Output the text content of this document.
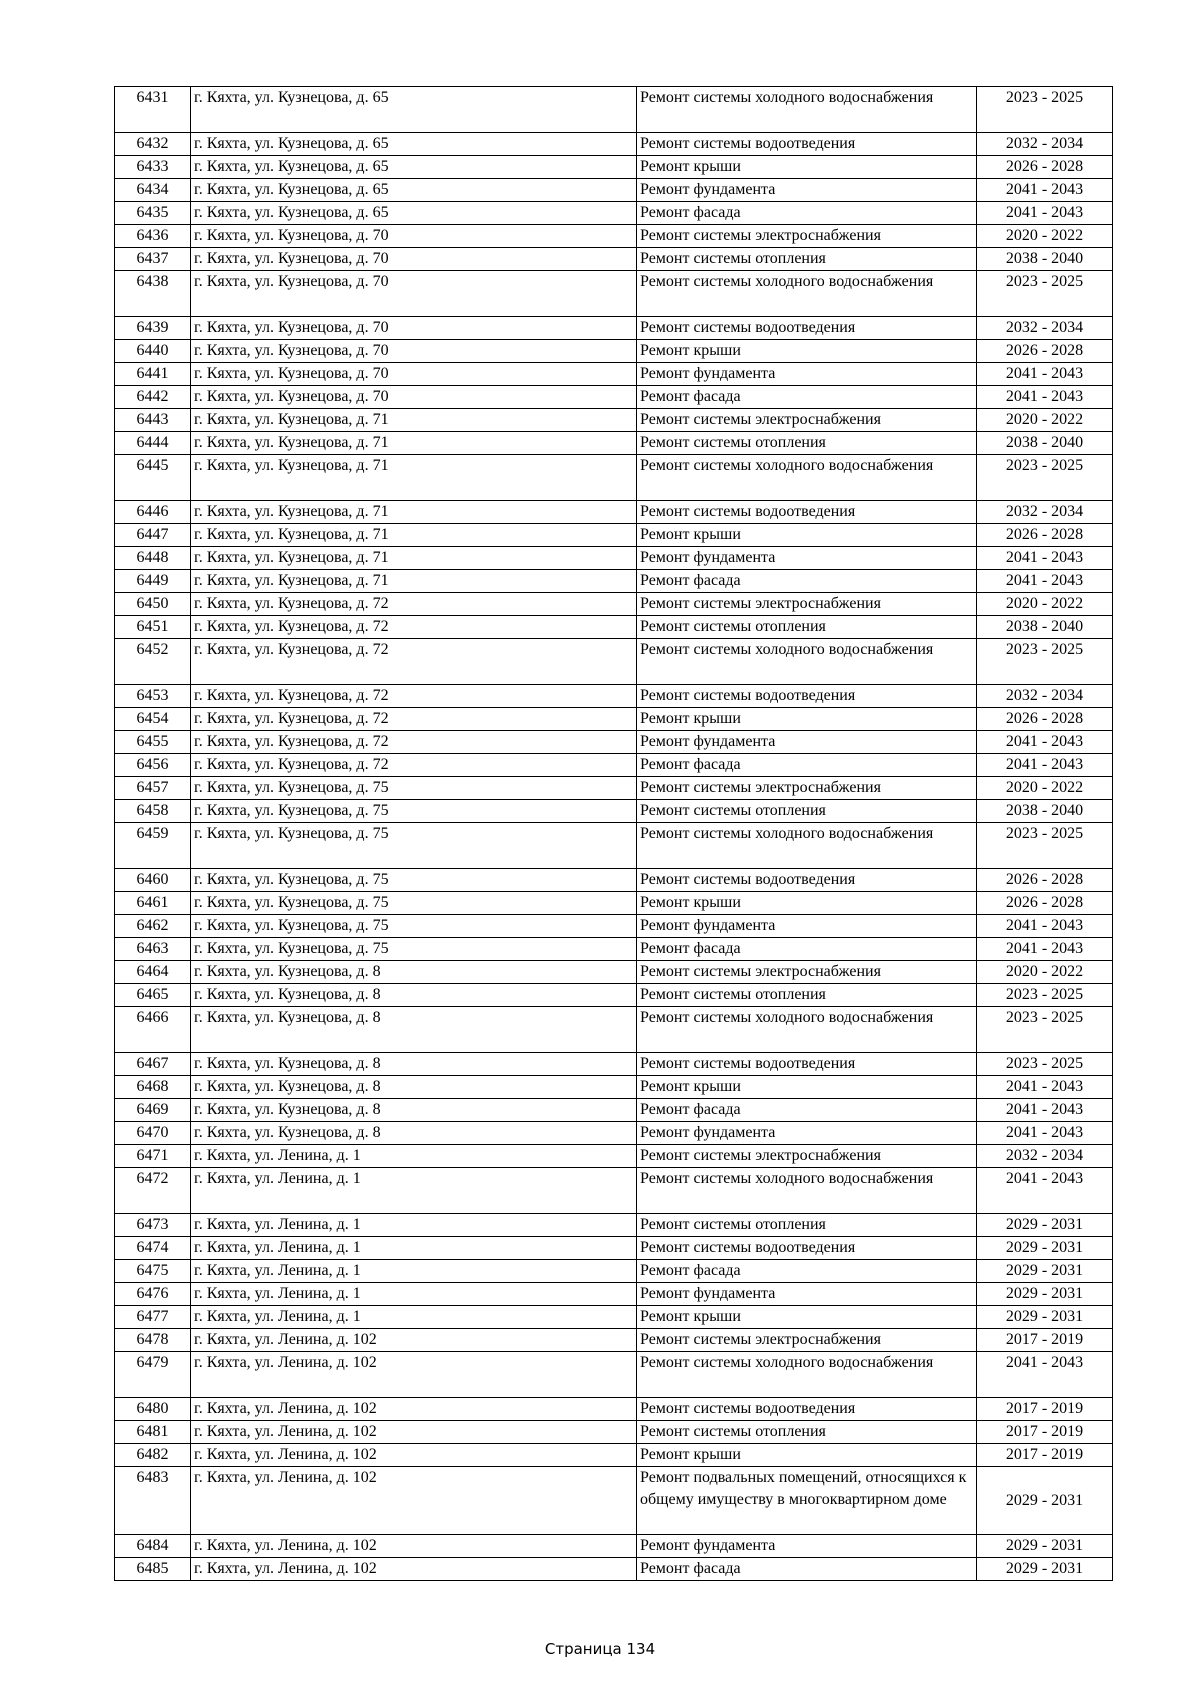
6431	г. Кяхта, ул. Кузнецова, д. 65	Ремонт системы холодного водоснабжения	2023 - 2025
6432	г. Кяхта, ул. Кузнецова, д. 65	Ремонт системы водоотведения	2032 - 2034
6433	г. Кяхта, ул. Кузнецова, д. 65	Ремонт крыши	2026 - 2028
6434	г. Кяхта, ул. Кузнецова, д. 65	Ремонт фундамента	2041 - 2043
6435	г. Кяхта, ул. Кузнецова, д. 65	Ремонт фасада	2041 - 2043
6436	г. Кяхта, ул. Кузнецова, д. 70	Ремонт системы электроснабжения	2020 - 2022
6437	г. Кяхта, ул. Кузнецова, д. 70	Ремонт системы отопления	2038 - 2040
6438	г. Кяхта, ул. Кузнецова, д. 70	Ремонт системы холодного водоснабжения	2023 - 2025
6439	г. Кяхта, ул. Кузнецова, д. 70	Ремонт системы водоотведения	2032 - 2034
6440	г. Кяхта, ул. Кузнецова, д. 70	Ремонт крыши	2026 - 2028
6441	г. Кяхта, ул. Кузнецова, д. 70	Ремонт фундамента	2041 - 2043
6442	г. Кяхта, ул. Кузнецова, д. 70	Ремонт фасада	2041 - 2043
6443	г. Кяхта, ул. Кузнецова, д. 71	Ремонт системы электроснабжения	2020 - 2022
6444	г. Кяхта, ул. Кузнецова, д. 71	Ремонт системы отопления	2038 - 2040
6445	г. Кяхта, ул. Кузнецова, д. 71	Ремонт системы холодного водоснабжения	2023 - 2025
6446	г. Кяхта, ул. Кузнецова, д. 71	Ремонт системы водоотведения	2032 - 2034
6447	г. Кяхта, ул. Кузнецова, д. 71	Ремонт крыши	2026 - 2028
6448	г. Кяхта, ул. Кузнецова, д. 71	Ремонт фундамента	2041 - 2043
6449	г. Кяхта, ул. Кузнецова, д. 71	Ремонт фасада	2041 - 2043
6450	г. Кяхта, ул. Кузнецова, д. 72	Ремонт системы электроснабжения	2020 - 2022
6451	г. Кяхта, ул. Кузнецова, д. 72	Ремонт системы отопления	2038 - 2040
6452	г. Кяхта, ул. Кузнецова, д. 72	Ремонт системы холодного водоснабжения	2023 - 2025
6453	г. Кяхта, ул. Кузнецова, д. 72	Ремонт системы водоотведения	2032 - 2034
6454	г. Кяхта, ул. Кузнецова, д. 72	Ремонт крыши	2026 - 2028
6455	г. Кяхта, ул. Кузнецова, д. 72	Ремонт фундамента	2041 - 2043
6456	г. Кяхта, ул. Кузнецова, д. 72	Ремонт фасада	2041 - 2043
6457	г. Кяхта, ул. Кузнецова, д. 75	Ремонт системы электроснабжения	2020 - 2022
6458	г. Кяхта, ул. Кузнецова, д. 75	Ремонт системы отопления	2038 - 2040
6459	г. Кяхта, ул. Кузнецова, д. 75	Ремонт системы холодного водоснабжения	2023 - 2025
6460	г. Кяхта, ул. Кузнецова, д. 75	Ремонт системы водоотведения	2026 - 2028
6461	г. Кяхта, ул. Кузнецова, д. 75	Ремонт крыши	2026 - 2028
6462	г. Кяхта, ул. Кузнецова, д. 75	Ремонт фундамента	2041 - 2043
6463	г. Кяхта, ул. Кузнецова, д. 75	Ремонт фасада	2041 - 2043
6464	г. Кяхта, ул. Кузнецова, д. 8	Ремонт системы электроснабжения	2020 - 2022
6465	г. Кяхта, ул. Кузнецова, д. 8	Ремонт системы отопления	2023 - 2025
6466	г. Кяхта, ул. Кузнецова, д. 8	Ремонт системы холодного водоснабжения	2023 - 2025
6467	г. Кяхта, ул. Кузнецова, д. 8	Ремонт системы водоотведения	2023 - 2025
6468	г. Кяхта, ул. Кузнецова, д. 8	Ремонт крыши	2041 - 2043
6469	г. Кяхта, ул. Кузнецова, д. 8	Ремонт фасада	2041 - 2043
6470	г. Кяхта, ул. Кузнецова, д. 8	Ремонт фундамента	2041 - 2043
6471	г. Кяхта, ул. Ленина, д. 1	Ремонт системы электроснабжения	2032 - 2034
6472	г. Кяхта, ул. Ленина, д. 1	Ремонт системы холодного водоснабжения	2041 - 2043
6473	г. Кяхта, ул. Ленина, д. 1	Ремонт системы отопления	2029 - 2031
6474	г. Кяхта, ул. Ленина, д. 1	Ремонт системы водоотведения	2029 - 2031
6475	г. Кяхта, ул. Ленина, д. 1	Ремонт фасада	2029 - 2031
6476	г. Кяхта, ул. Ленина, д. 1	Ремонт фундамента	2029 - 2031
6477	г. Кяхта, ул. Ленина, д. 1	Ремонт крыши	2029 - 2031
6478	г. Кяхта, ул. Ленина, д. 102	Ремонт системы электроснабжения	2017 - 2019
6479	г. Кяхта, ул. Ленина, д. 102	Ремонт системы холодного водоснабжения	2041 - 2043
6480	г. Кяхта, ул. Ленина, д. 102	Ремонт системы водоотведения	2017 - 2019
6481	г. Кяхта, ул. Ленина, д. 102	Ремонт системы отопления	2017 - 2019
6482	г. Кяхта, ул. Ленина, д. 102	Ремонт крыши	2017 - 2019
6483	г. Кяхта, ул. Ленина, д. 102	Ремонт подвальных помещений, относящихся к общему имуществу в многоквартирном доме	2029 - 2031
6484	г. Кяхта, ул. Ленина, д. 102	Ремонт фундамента	2029 - 2031
6485	г. Кяхта, ул. Ленина, д. 102	Ремонт фасада	2029 - 2031
Страница 134
